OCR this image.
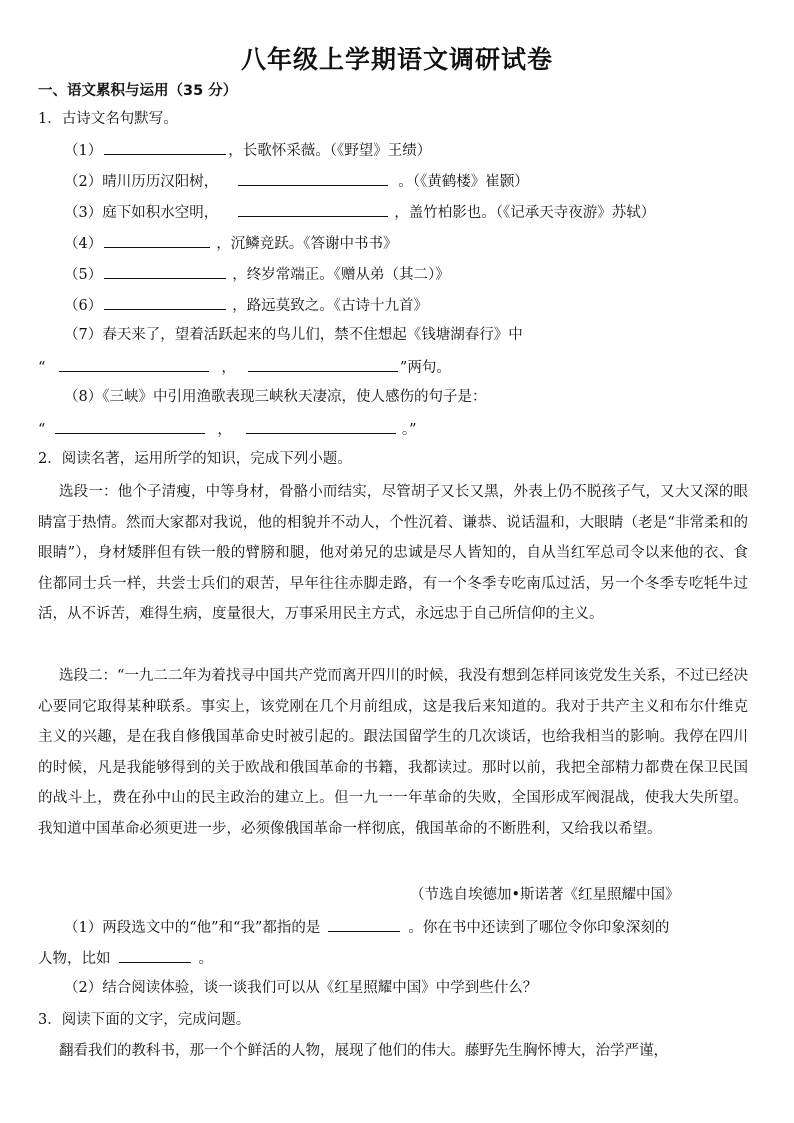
八年级上学期语文调研试卷
一、语文累积与运用（35 分）
1．古诗文名句默写。
（1）	，长歌怀采薇。（《野望》王绩）
（2）晴川历历汉阳树，	。（《黄鹤楼》崔颢）
（3）庭下如积水空明，	，盖竹柏影也。（《记承天寺夜游》苏轼）
（4）	，沉鳞竞跃。《答谢中书书》
（5）	，终岁常端正。《赠从弟（其二）》
（6）	，路远莫致之。《古诗十九首》
（7）春天来了，望着活跃起来的鸟儿们，禁不住想起《钱塘湖春行》中
“	，	”两句。
（8）《三峡》中引用渔歌表现三峡秋天凄凉，使人感伤的句子是：
“	，	。”
2．阅读名著，运用所学的知识，完成下列小题。
选段一：他个子清瘦，中等身材，骨骼小而结实，尽管胡子又长又黑，外表上仍不脱孩子气，又大又深的眼睛富于热情。然而大家都对我说，他的相貌并不动人，个性沉着、谦恭、说话温和，大眼睛（老是“非常柔和的眼睛”），身材矮胖但有铁一般的臂膀和腿，他对弟兄的忠诚是尽人皆知的，自从当红军总司令以来他的衣、食住都同士兵一样，共尝士兵们的艰苦，早年往往赤脚走路，有一个冬季专吃南瓜过活，另一个冬季专吃牦牛过活，从不诉苦，难得生病，度量很大，万事采用民主方式，永远忠于自己所信仰的主义。
选段二：“一九二二年为着找寻中国共产党而离开四川的时候，我没有想到怎样同该党发生关系，不过已经决心要同它取得某种联系。事实上，该党刚在几个月前组成，这是我后来知道的。我对于共产主义和布尔什维克主义的兴趣，是在我自修俄国革命史时被引起的。跟法国留学生的几次谈话，也给我相当的影响。我停在四川的时候，凡是我能够得到的关于欧战和俄国革命的书籍，我都读过。那时以前，我把全部精力都费在保卫民国的战斗上，费在孙中山的民主政治的建立上。但一九一一年革命的失败，全国形成军阀混战，使我大失所望。我知道中国革命必须更进一步，必须像俄国革命一样彻底，俄国革命的不断胜利，又给我以希望。
（节选自埃德加•斯诺著《红星照耀中国》
（1）两段选文中的“他”和“我”都指的是	。你在书中还读到了哪位令你印象深刻的
人物，比如	。
（2）结合阅读体验，谈一谈我们可以从《红星照耀中国》中学到些什么？
3．阅读下面的文字，完成问题。
翻看我们的教科书，那一个个鲜活的人物，展现了他们的伟大。藤野先生胸怀博大，治学严谨，
